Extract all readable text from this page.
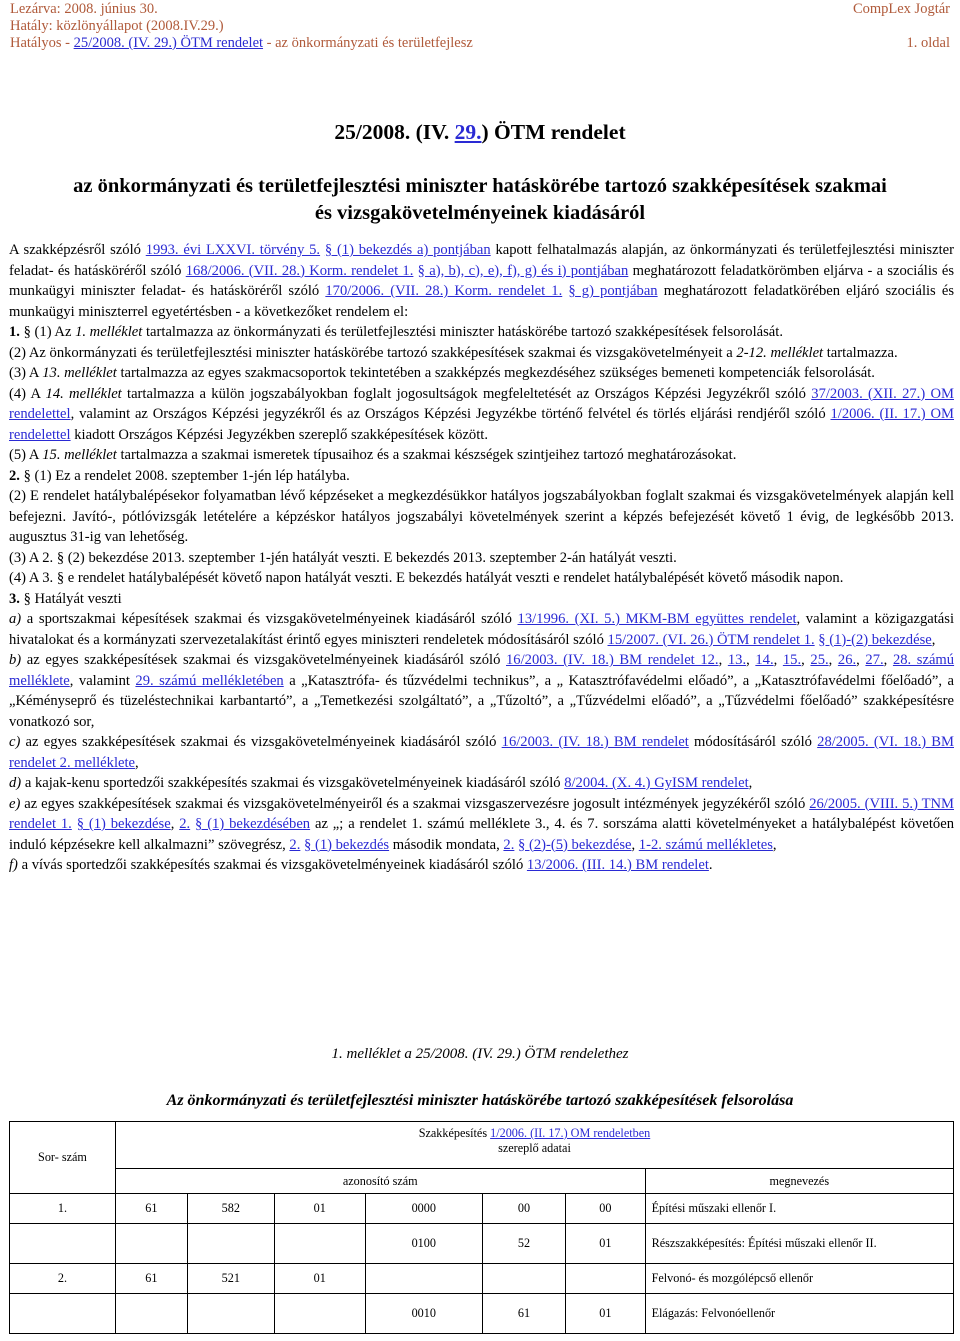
Lezárva: 2008. június 30.
Hatály: közlönyállapot (2008.IV.29.)
Hatályos - 25/2008. (IV. 29.) ÖTM rendelet - az önkormányzati és területfejlesz
CompLex Jogtár

1. oldal
25/2008. (IV. 29.) ÖTM rendelet
az önkormányzati és területfejlesztési miniszter hatáskörébe tartozó szakképesítések szakmai
és vizsgakövetelményeinek kiadásáról

A szakképzésről szóló 1993. évi LXXVI. törvény 5. § (1) bekezdés a) pontjában kapott felhatalmazás alapján, az önkormányzati és területfejlesztési miniszter feladat- és hatásköréről szóló 168/2006. (VII. 28.) Korm. rendelet 1. § a), b), c), e), f), g) és i) pontjában meghatározott feladatkörömben eljárva - a szociális és munkaügyi miniszter feladat- és hatásköréről szóló 170/2006. (VII. 28.) Korm. rendelet 1. § g) pontjában meghatározott feladatkörében eljáró szociális és munkaügyi miniszterrel egyetértésben - a következőket rendelem el:

1. § (1) Az 1. melléklet tartalmazza az önkormányzati és területfejlesztési miniszter hatáskörébe tartozó szakképesítések felsorolását.

(2) Az önkormányzati és területfejlesztési miniszter hatáskörébe tartozó szakképesítések szakmai és vizsgakövetelményeit a 2-12. melléklet tartalmazza.

(3) A 13. melléklet tartalmazza az egyes szakmacsoportok tekintetében a szakképzés megkezdéséhez szükséges bemeneti kompetenciák felsorolását.

(4) A 14. melléklet tartalmazza a külön jogszabályokban foglalt jogosultságok megfeleltetését az Országos Képzési Jegyzékről szóló 37/2003. (XII. 27.) OM rendelettel, valamint az Országos Képzési jegyzékről és az Országos Képzési Jegyzékbe történő felvétel és törlés eljárási rendjéről szóló 1/2006. (II. 17.) OM rendelettel kiadott Országos Képzési Jegyzékben szereplő szakképesítések között.

(5) A 15. melléklet tartalmazza a szakmai ismeretek típusaihoz és a szakmai készségek szintjeihez tartozó meghatározásokat.

2. § (1) Ez a rendelet 2008. szeptember 1-jén lép hatályba.

(2) E rendelet hatálybalépésekor folyamatban lévő képzéseket a megkezdésükkor hatályos jogszabályokban foglalt szakmai és vizsgakövetelmények alapján kell befejezni. Javító-, pótlóvizsgák letételére a képzéskor hatályos jogszabályi követelmények szerint a képzés befejezését követő 1 évig, de legkésőbb 2013. augusztus 31-ig van lehetőség.

(3) A 2. § (2) bekezdése 2013. szeptember 1-jén hatályát veszti. E bekezdés 2013. szeptember 2-án hatályát veszti.

(4) A 3. § e rendelet hatálybalépését követő napon hatályát veszti. E bekezdés hatályát veszti e rendelet hatálybalépését követő második napon.

3. § Hatályát veszti

a) a sportszakmai képesítések szakmai és vizsgakövetelményeinek kiadásáról szóló 13/1996. (XI. 5.) MKM-BM együttes rendelet, valamint a közigazgatási hivatalokat és a kormányzati szervezetalakítást érintő egyes miniszteri rendeletek módosításáról szóló 15/2007. (VI. 26.) ÖTM rendelet 1. § (1)-(2) bekezdése,

b) az egyes szakképesítések szakmai és vizsgakövetelményeinek kiadásáról szóló 16/2003. (IV. 18.) BM rendelet 12., 13., 14., 15., 25., 26., 27., 28. számú melléklete, valamint 29. számú mellékletében a „Katasztrófa- és tűzvédelmi technikus”, a „ Katasztrófavédelmi előadó”, a „Katasztrófavédelmi főelőadó”, a „Kéményseprő és tüzeléstechnikai karbantartó”, a „Temetkezési szolgáltató”, a „Tűzoltó”, a „Tűzvédelmi előadó”, a „Tűzvédelmi főelőadó” szakképesítésre vonatkozó sor,

c) az egyes szakképesítések szakmai és vizsgakövetelményeinek kiadásáról szóló 16/2003. (IV. 18.) BM rendelet módosításáról szóló 28/2005. (VI. 18.) BM rendelet 2. melléklete,

d) a kajak-kenu sportedzői szakképesítés szakmai és vizsgakövetelményeinek kiadásáról szóló 8/2004. (X. 4.) GyISM rendelet,

e) az egyes szakképesítések szakmai és vizsgakövetelményeiről és a szakmai vizsgaszervezésre jogosult intézmények jegyzékéről szóló 26/2005. (VIII. 5.) TNM rendelet 1. § (1) bekezdése, 2. § (1) bekezdésében az „; a rendelet 1. számú melléklete 3., 4. és 7. sorszáma alatti követelményeket a hatálybalépést követően induló képzésekre kell alkalmazni” szövegrész, 2. § (1) bekezdés második mondata, 2. § (2)-(5) bekezdése, 1-2. számú mellékletes,

f) a vívás sportedzői szakképesítés szakmai és vizsgakövetelményeinek kiadásáról szóló 13/2006. (III. 14.) BM rendelet.

1. melléklet a 25/2008. (IV. 29.) ÖTM rendelethez
Az önkormányzati és területfejlesztési miniszter hatáskörébe tartozó szakképesítések felsorolása
Sor- szám	Szakképesítés 1/2006. (II. 17.) OM rendeletben
szereplő adatai						
	azonosító szám						megnevezés
1.	61	582	01	0000	00	00	Építési műszaki ellenőr I.
				0100	52	01	Részszakképesítés: Építési műszaki ellenőr II.
2.	61	521	01				Felvonó- és mozgólépcső ellenőr
				0010	61	01	Elágazás: Felvonóellenőr
